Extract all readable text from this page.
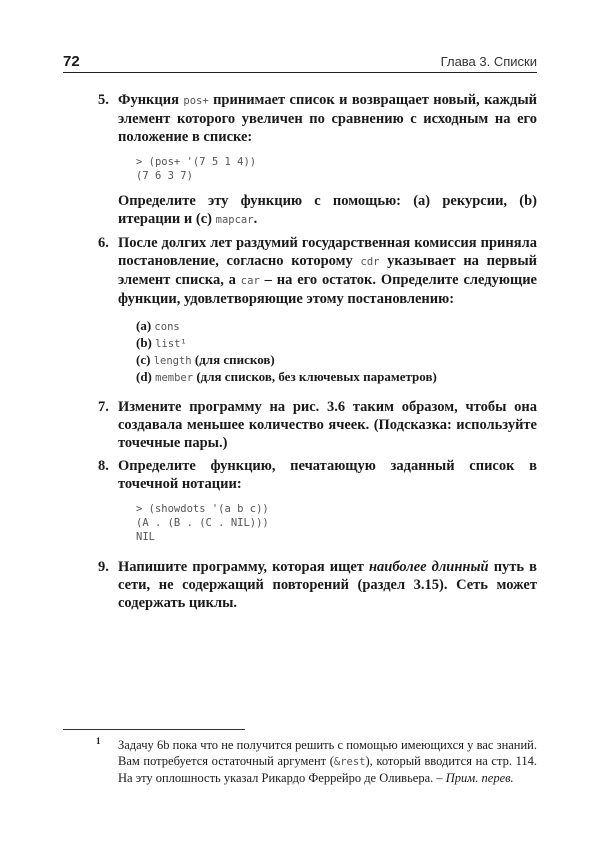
72	Глава 3. Списки
5. Функция pos+ принимает список и возвращает новый, каждый элемент которого увеличен по сравнению с исходным на его положение в списке:

> (pos+ '(7 5 1 4))
(7 6 3 7)

Определите эту функцию с помощью: (a) рекурсии, (b) итерации и (c) mapcar.

6. После долгих лет раздумий государственная комиссия приняла постановление, согласно которому cdr указывает на первый элемент списка, а car – на его остаток. Определите следующие функции, удовлетворяющие этому постановлению:

(a) cons
(b) list¹
(c) length (для списков)
(d) member (для списков, без ключевых параметров)
7. Измените программу на рис. 3.6 таким образом, чтобы она создавала меньшее количество ячеек. (Подсказка: используйте точечные пары.)

8. Определите функцию, печатающую заданный список в точечной нотации:

> (showdots '(a b c))
(A . (B . (C . NIL)))
NIL
9. Напишите программу, которая ищет наиболее длинный путь в сети, не содержащий повторений (раздел 3.15). Сеть может содержать циклы.

1 Задачу 6b пока что не получится решить с помощью имеющихся у вас знаний. Вам потребуется остаточный аргумент (&rest), который вводится на стр. 114. На эту оплошность указал Рикардо Феррейро де Оливьера. – Прим. перев.
